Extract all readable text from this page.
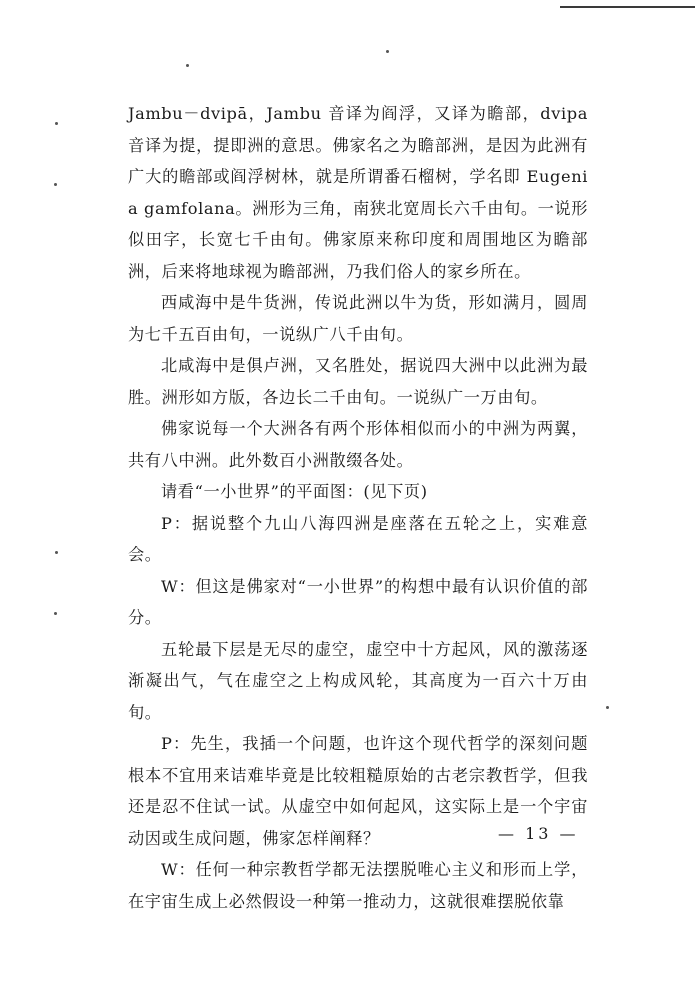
Jambu－dvipā，Jambu 音译为阎浮，又译为瞻部，dvipa 音译为提，提即洲的意思。佛家名之为瞻部洲，是因为此洲有广大的瞻部或阎浮树林，就是所谓番石榴树，学名即 Eugenia gamfolana。洲形为三角，南狭北宽周长六千由旬。一说形似田字，长宽七千由旬。佛家原来称印度和周围地区为瞻部洲，后来将地球视为瞻部洲，乃我们俗人的家乡所在。

西咸海中是牛货洲，传说此洲以牛为货，形如满月，圆周为七千五百由旬，一说纵广八千由旬。

北咸海中是俱卢洲，又名胜处，据说四大洲中以此洲为最胜。洲形如方版，各边长二千由旬。一说纵广一万由旬。

佛家说每一个大洲各有两个形体相似而小的中洲为两翼，共有八中洲。此外数百小洲散缀各处。

请看“一小世界”的平面图：(见下页)

P：据说整个九山八海四洲是座落在五轮之上，实难意会。

W：但这是佛家对“一小世界”的构想中最有认识价值的部分。

五轮最下层是无尽的虚空，虚空中十方起风，风的激荡逐渐凝出气，气在虚空之上构成风轮，其高度为一百六十万由旬。

P：先生，我插一个问题，也许这个现代哲学的深刻问题根本不宜用来诘难毕竟是比较粗糙原始的古老宗教哲学，但我还是忍不住试一试。从虚空中如何起风，这实际上是一个宇宙动因或生成问题，佛家怎样阐释？

W：任何一种宗教哲学都无法摆脱唯心主义和形而上学，在宇宙生成上必然假设一种第一推动力，这就很难摆脱依靠

— 13 —
